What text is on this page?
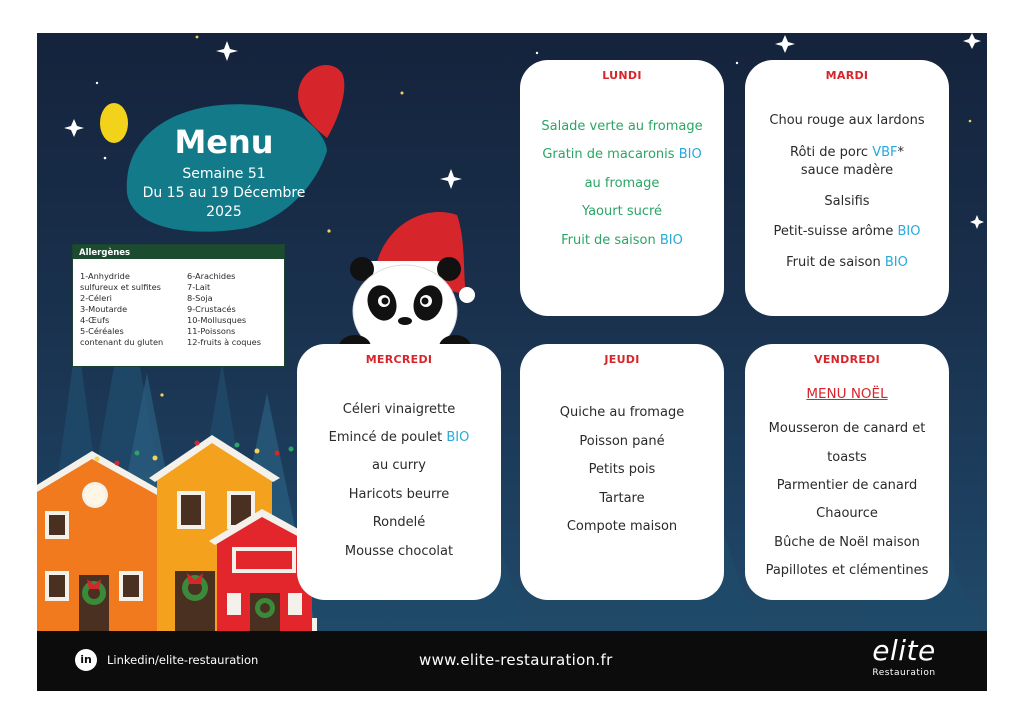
Menu
Semaine 51
Du 15 au 19 Décembre
2025
Allergènes
1-Anhydride
sulfureux et sulfites
2-Céleri
3-Moutarde
4-Œufs
5-Céréales
contenant du gluten
6-Arachides
7-Lait
8-Soja
9-Crustacés
10-Mollusques
11-Poissons
12-fruits à coques
LUNDI
Salade verte au fromage
Gratin de macaronis BIO
au fromage
Yaourt sucré
Fruit de saison BIO
MARDI
Chou rouge aux lardons
Rôti de porc VBF*
sauce madère
Salsifis
Petit-suisse arôme BIO
Fruit de saison BIO
MERCREDI
Céleri vinaigrette
Emincé de poulet BIO
au curry
Haricots beurre
Rondelé
Mousse chocolat
JEUDI
Quiche au fromage
Poisson pané
Petits pois
Tartare
Compote maison
VENDREDI
MENU NOËL
Mousseron de canard et
toasts
Parmentier de canard
Chaource
Bûche de Noël maison
Papillotes et clémentines
in	Linkedin/elite-restauration	www.elite-restauration.fr	elite
Restauration
